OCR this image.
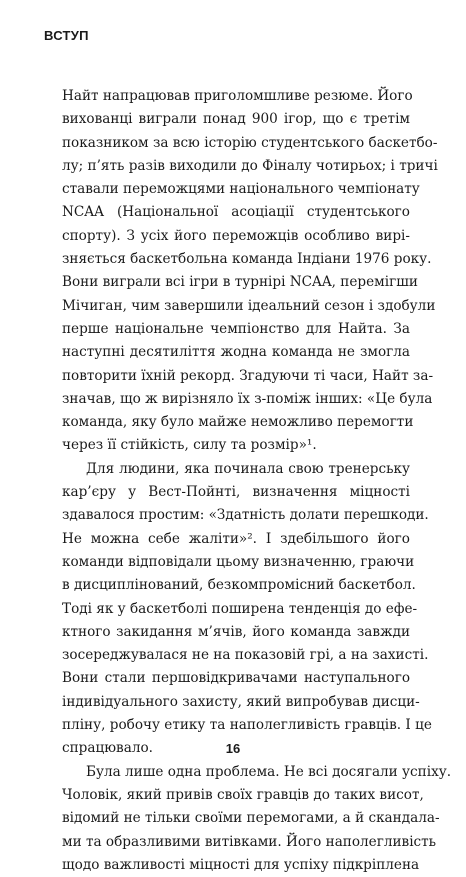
ВСТУП
Найт напрацював приголомшливе резюме. Його
вихованці виграли понад 900 ігор, що є третім
показником за всю історію студентського баскетбо-
лу; п’ять разів виходили до Фіналу чотирьох; і тричі
ставали переможцями національного чемпіонату
NCAA (Національної асоціації студентського
спорту). З усіх його переможців особливо вирі-
зняється баскетбольна команда Індіани 1976 року.
Вони виграли всі ігри в турнірі NCAA, перемігши
Мічиган, чим завершили ідеальний сезон і здобули
перше національне чемпіонство для Найта. За
наступні десятиліття жодна команда не змогла
повторити їхній рекорд. Згадуючи ті часи, Найт за-
значав, що ж вирізняло їх з-поміж інших: «Це була
команда, яку було майже неможливо перемогти
через її стійкість, силу та розмір»¹.
Для людини, яка починала свою тренерську
кар’єру у Вест-Пойнті, визначення міцності
здавалося простим: «Здатність долати перешкоди.
Не можна себе жаліти»². І здебільшого його
команди відповідали цьому визначенню, граючи
в дисциплінований, безкомпромісний баскетбол.
Тоді як у баскетболі поширена тенденція до ефе-
ктного закидання м’ячів, його команда завжди
зосереджувалася не на показовій грі, а на захисті.
Вони стали першовідкривачами наступального
індивідуального захисту, який випробував дисци-
пліну, робочу етику та наполегливість гравців. І це
спрацювало.
Була лише одна проблема. Не всі досягали успіху.
Чоловік, який привів своїх гравців до таких висот,
відомий не тільки своїми перемогами, а й скандала-
ми та образливими витівками. Його наполегливість
щодо важливості міцності для успіху підкріплена
16
